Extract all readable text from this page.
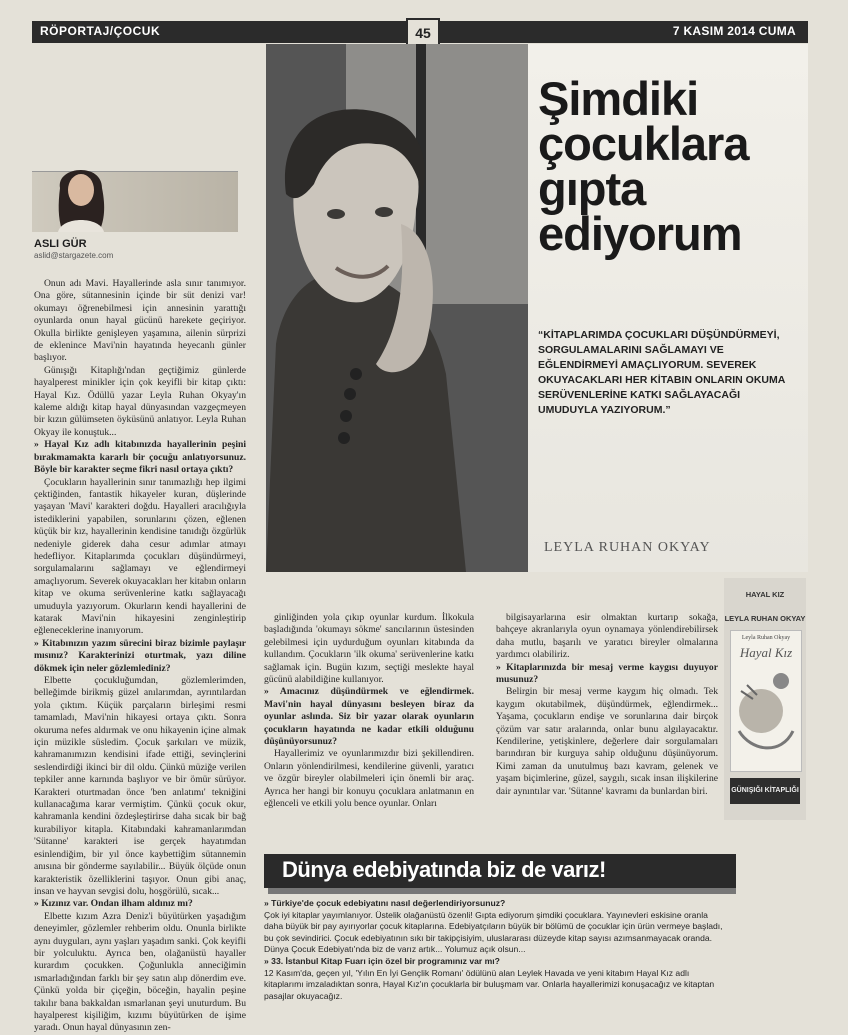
RÖPORTAJ/ÇOCUK	7 KASIM 2014 CUMA
45
ASLI GÜR
aslid@stargazete.com
Şimdiki çocuklara gıpta ediyorum
“KİTAPLARIMDA ÇOCUKLARI DÜŞÜNDÜRMEYİ, SORGULAMALARINI SAĞLAMAYI VE EĞLENDİRMEYİ AMAÇLIYORUM. SEVEREK OKUYACAKLARI HER KİTABIN ONLARIN OKUMA SERÜVENLERİNE KATKI SAĞLAYACAĞI UMUDUYLA YAZIYORUM.”
LEYLA RUHAN OKYAY

Onun adı Mavi. Hayallerinde asla sınır tanımıyor. Ona göre, sütannesinin içinde bir süt denizi var! okumayı öğrenebilmesi için annesinin yarattığı oyunlarda onun hayal gücünü harekete geçiriyor. Okulla birlikte genişleyen yaşamına, ailenin sürprizi de eklenince Mavi'nin hayatında heyecanlı günler başlıyor.

Günışığı Kitaplığı'ndan geçtiğimiz günlerde hayalperest minikler için çok keyifli bir kitap çıktı: Hayal Kız. Ödüllü yazar Leyla Ruhan Okyay'ın kaleme aldığı kitap hayal dünyasından vazgeçmeyen bir kızın gülümseten öyküsünü anlatıyor. Leyla Ruhan Okyay ile konuştuk...

» Hayal Kız adlı kitabınızda hayallerinin peşini bırakmamakta kararlı bir çocuğu anlatıyorsunuz. Böyle bir karakter seçme fikri nasıl ortaya çıktı?

Çocukların hayallerinin sınır tanımazlığı hep ilgimi çektiğinden, fantastik hikayeler kuran, düşlerinde yaşayan 'Mavi' karakteri doğdu. Hayalleri aracılığıyla istediklerini yapabilen, sorunlarını çözen, eğlenen küçük bir kız, hayallerinin kendisine tanıdığı özgürlük nedeniyle giderek daha cesur adımlar atmayı hedefliyor. Kitaplarımda çocukları düşündürmeyi, sorgulamalarını sağlamayı ve eğlendirmeyi amaçlıyorum. Severek okuyacakları her kitabın onların kitap ve okuma serüvenlerine katkı sağlayacağı umuduyla yazıyorum. Okurların kendi hayallerini de katarak Mavi'nin hikayesini zenginleştirip eğleneceklerine inanıyorum.

» Kitabınızın yazım sürecini biraz bizimle paylaşır mısınız? Karakterinizi oturtmak, yazı diline dökmek için neler gözlemlediniz?

Elbette çocukluğumdan, gözlemlerimden, belleğimde birikmiş güzel anılarımdan, ayrıntılardan yola çıktım. Küçük parçaların birleşimi resmi tamamladı, Mavi'nin hikayesi ortaya çıktı. Sonra okuruma nefes aldırmak ve onu hikayenin içine almak için müzikle süsledim. Çocuk şarkıları ve müzik, kahramanımızın kendisini ifade ettiği, sevinçlerini seslendirdiği ikinci bir dil oldu. Çünkü müziğe verilen tepkiler anne karnında başlıyor ve bir ömür sürüyor. Karakteri oturtmadan önce 'ben anlatımı' tekniğini kullanacağıma karar vermiştim. Çünkü çocuk okur, kahramanla kendini özdeşleştirirse daha sıcak bir bağ kurabiliyor kitapla. Kitabındaki kahramanlarımdan 'Sütanne' karakteri ise gerçek hayatımdan esinlendiğim, bir yıl önce kaybettiğim sütannemin anısına bir gönderme sayılabilir... Büyük ölçüde onun karakteristik özelliklerini taşıyor. Onun gibi anaç, insan ve hayvan sevgisi dolu, hoşgörülü, sıcak...

» Kızınız var. Ondan ilham aldınız mı?

Elbette kızım Azra Deniz'i büyütürken yaşadığım deneyimler, gözlemler rehberim oldu. Onunla birlikte aynı duyguları, aynı yaşları yaşadım sanki. Çok keyifli bir yolculuktu. Ayrıca ben, olağanüstü hayaller kurardım çocukken. Çoğunlukla anneciğimin ısmarladığından farklı bir şey satın alıp dönerdim eve. Çünkü yolda bir çiçeğin, böceğin, hayalin peşine takılır bana bakkaldan ısmarlanan şeyi unuturdum. Bu hayalperest kişiliğim, kızımı büyütürken de işime yaradı. Onun hayal dünyasının zen-

ginliğinden yola çıkıp oyunlar kurdum. İlkokula başladığında 'okumayı sökme' sancılarının üstesinden gelebilmesi için uydurduğum oyunları kitabında da kullandım. Çocukların 'ilk okuma' serüvenlerine katkı sağlamak için. Bugün kızım, seçtiği meslekte hayal gücünü alabildiğine kullanıyor.

» Amacınız düşündürmek ve eğlendirmek. Mavi'nin hayal dünyasını besleyen biraz da oyunlar aslında. Siz bir yazar olarak oyunların çocukların hayatında ne kadar etkili olduğunu düşünüyorsunuz?

Hayallerimiz ve oyunlarımızdır bizi şekillendiren. Onların yönlendirilmesi, kendilerine güvenli, yaratıcı ve özgür bireyler olabilmeleri için önemli bir araç. Ayrıca her hangi bir konuyu çocuklara anlatmanın en eğlenceli ve etkili yolu bence oyunlar. Onları

bilgisayarlarına esir olmaktan kurtarıp sokağa, bahçeye akranlarıyla oyun oynamaya yönlendirebilirsek daha mutlu, başarılı ve yaratıcı bireyler olmalarına yardımcı olabiliriz.

» Kitaplarınızda bir mesaj verme kaygısı duyuyor musunuz?

Belirgin bir mesaj verme kaygım hiç olmadı. Tek kaygım okutabilmek, düşündürmek, eğlendirmek... Yaşama, çocukların endişe ve sorunlarına dair birçok çözüm var satır aralarında, onlar bunu algılayacaktır. Kendilerine, yetişkinlere, değerlere dair sorgulamaları barındıran bir kurguya sahip olduğunu düşünüyorum. Kimi zaman da unutulmuş bazı kavram, gelenek ve yaşam biçimlerine, güzel, saygılı, sıcak insan ilişkilerine dair aynıntılar var. 'Sütanne' kavramı da bunlardan biri.

HAYAL KIZ
LEYLA RUHAN OKYAY
Leyla Ruhan Okyay
Hayal Kız
GÜNIŞIĞI KİTAPLIĞI
Dünya edebiyatında biz de varız!

» Türkiye'de çocuk edebiyatını nasıl değerlendiriyorsunuz?

Çok iyi kitaplar yayımlanıyor. Üstelik olağanüstü özenli! Gıpta ediyorum şimdiki çocuklara. Yayınevleri eskisine oranla daha büyük bir pay ayırıyorlar çocuk kitaplarına. Edebiyatçıların büyük bir bölümü de çocuklar için ürün vermeye başladı, bu çok sevindirici. Çocuk edebiyatının sıkı bir takipçisiyim, uluslararası düzeyde kitap sayısı azımsanmayacak oranda. Dünya Çocuk Edebiyatı'nda biz de varız artık... Yolumuz açık olsun...

» 33. İstanbul Kitap Fuarı için özel bir programınız var mı?

12 Kasım'da, geçen yıl, 'Yılın En İyi Gençlik Romanı' ödülünü alan Leylek Havada ve yeni kitabım Hayal Kız adlı kitaplarımı imzaladıktan sonra, Hayal Kız'ın çocuklarla bir buluşmam var. Onlarla hayallerimizi konuşacağız ve kitaptan pasajlar okuyacağız.
